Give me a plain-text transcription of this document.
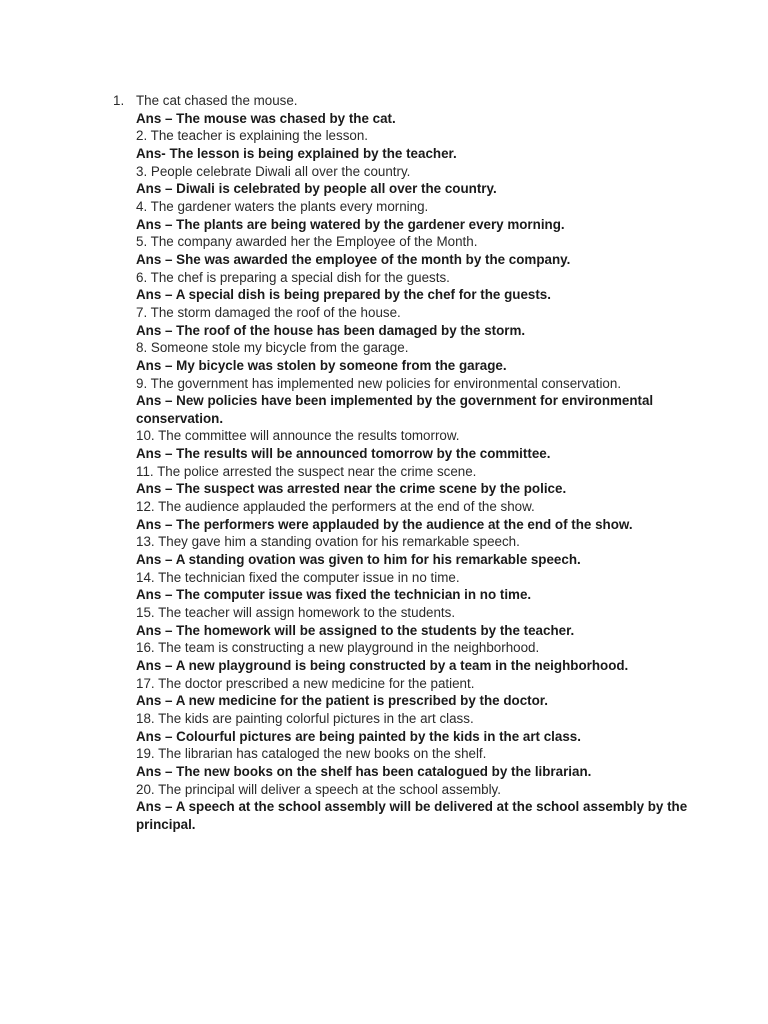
1. The cat chased the mouse.
Ans – The mouse was chased by the cat.
2. The teacher is explaining the lesson.
Ans- The lesson is being explained by the teacher.
3. People celebrate Diwali all over the country.
Ans – Diwali is celebrated by people all over the country.
4. The gardener waters the plants every morning.
Ans – The plants are being watered by the gardener every morning.
5. The company awarded her the Employee of the Month.
Ans – She was awarded the employee of the month by the company.
6. The chef is preparing a special dish for the guests.
Ans – A special dish is being prepared by the chef for the guests.
7. The storm damaged the roof of the house.
Ans – The roof of the house has been damaged by the storm.
8. Someone stole my bicycle from the garage.
Ans – My bicycle was stolen by someone from the garage.
9. The government has implemented new policies for environmental conservation.
Ans – New policies have been implemented by the government for environmental conservation.
10. The committee will announce the results tomorrow.
Ans – The results will be announced tomorrow by the committee.
11. The police arrested the suspect near the crime scene.
Ans – The suspect was arrested near the crime scene by the police.
12. The audience applauded the performers at the end of the show.
Ans – The performers were applauded by the audience at the end of the show.
13. They gave him a standing ovation for his remarkable speech.
Ans – A standing ovation was given to him for his remarkable speech.
14. The technician fixed the computer issue in no time.
Ans – The computer issue was fixed the technician in no time.
15. The teacher will assign homework to the students.
Ans – The homework will be assigned to the students by the teacher.
16. The team is constructing a new playground in the neighborhood.
Ans – A new playground is being constructed by a team in the neighborhood.
17. The doctor prescribed a new medicine for the patient.
Ans – A new medicine for the patient is prescribed by the doctor.
18. The kids are painting colorful pictures in the art class.
Ans – Colourful pictures are being painted by the kids in the art class.
19. The librarian has cataloged the new books on the shelf.
Ans – The new books on the shelf has been catalogued by the librarian.
20. The principal will deliver a speech at the school assembly.
Ans – A speech at the school assembly will be delivered at the school assembly by the principal.
